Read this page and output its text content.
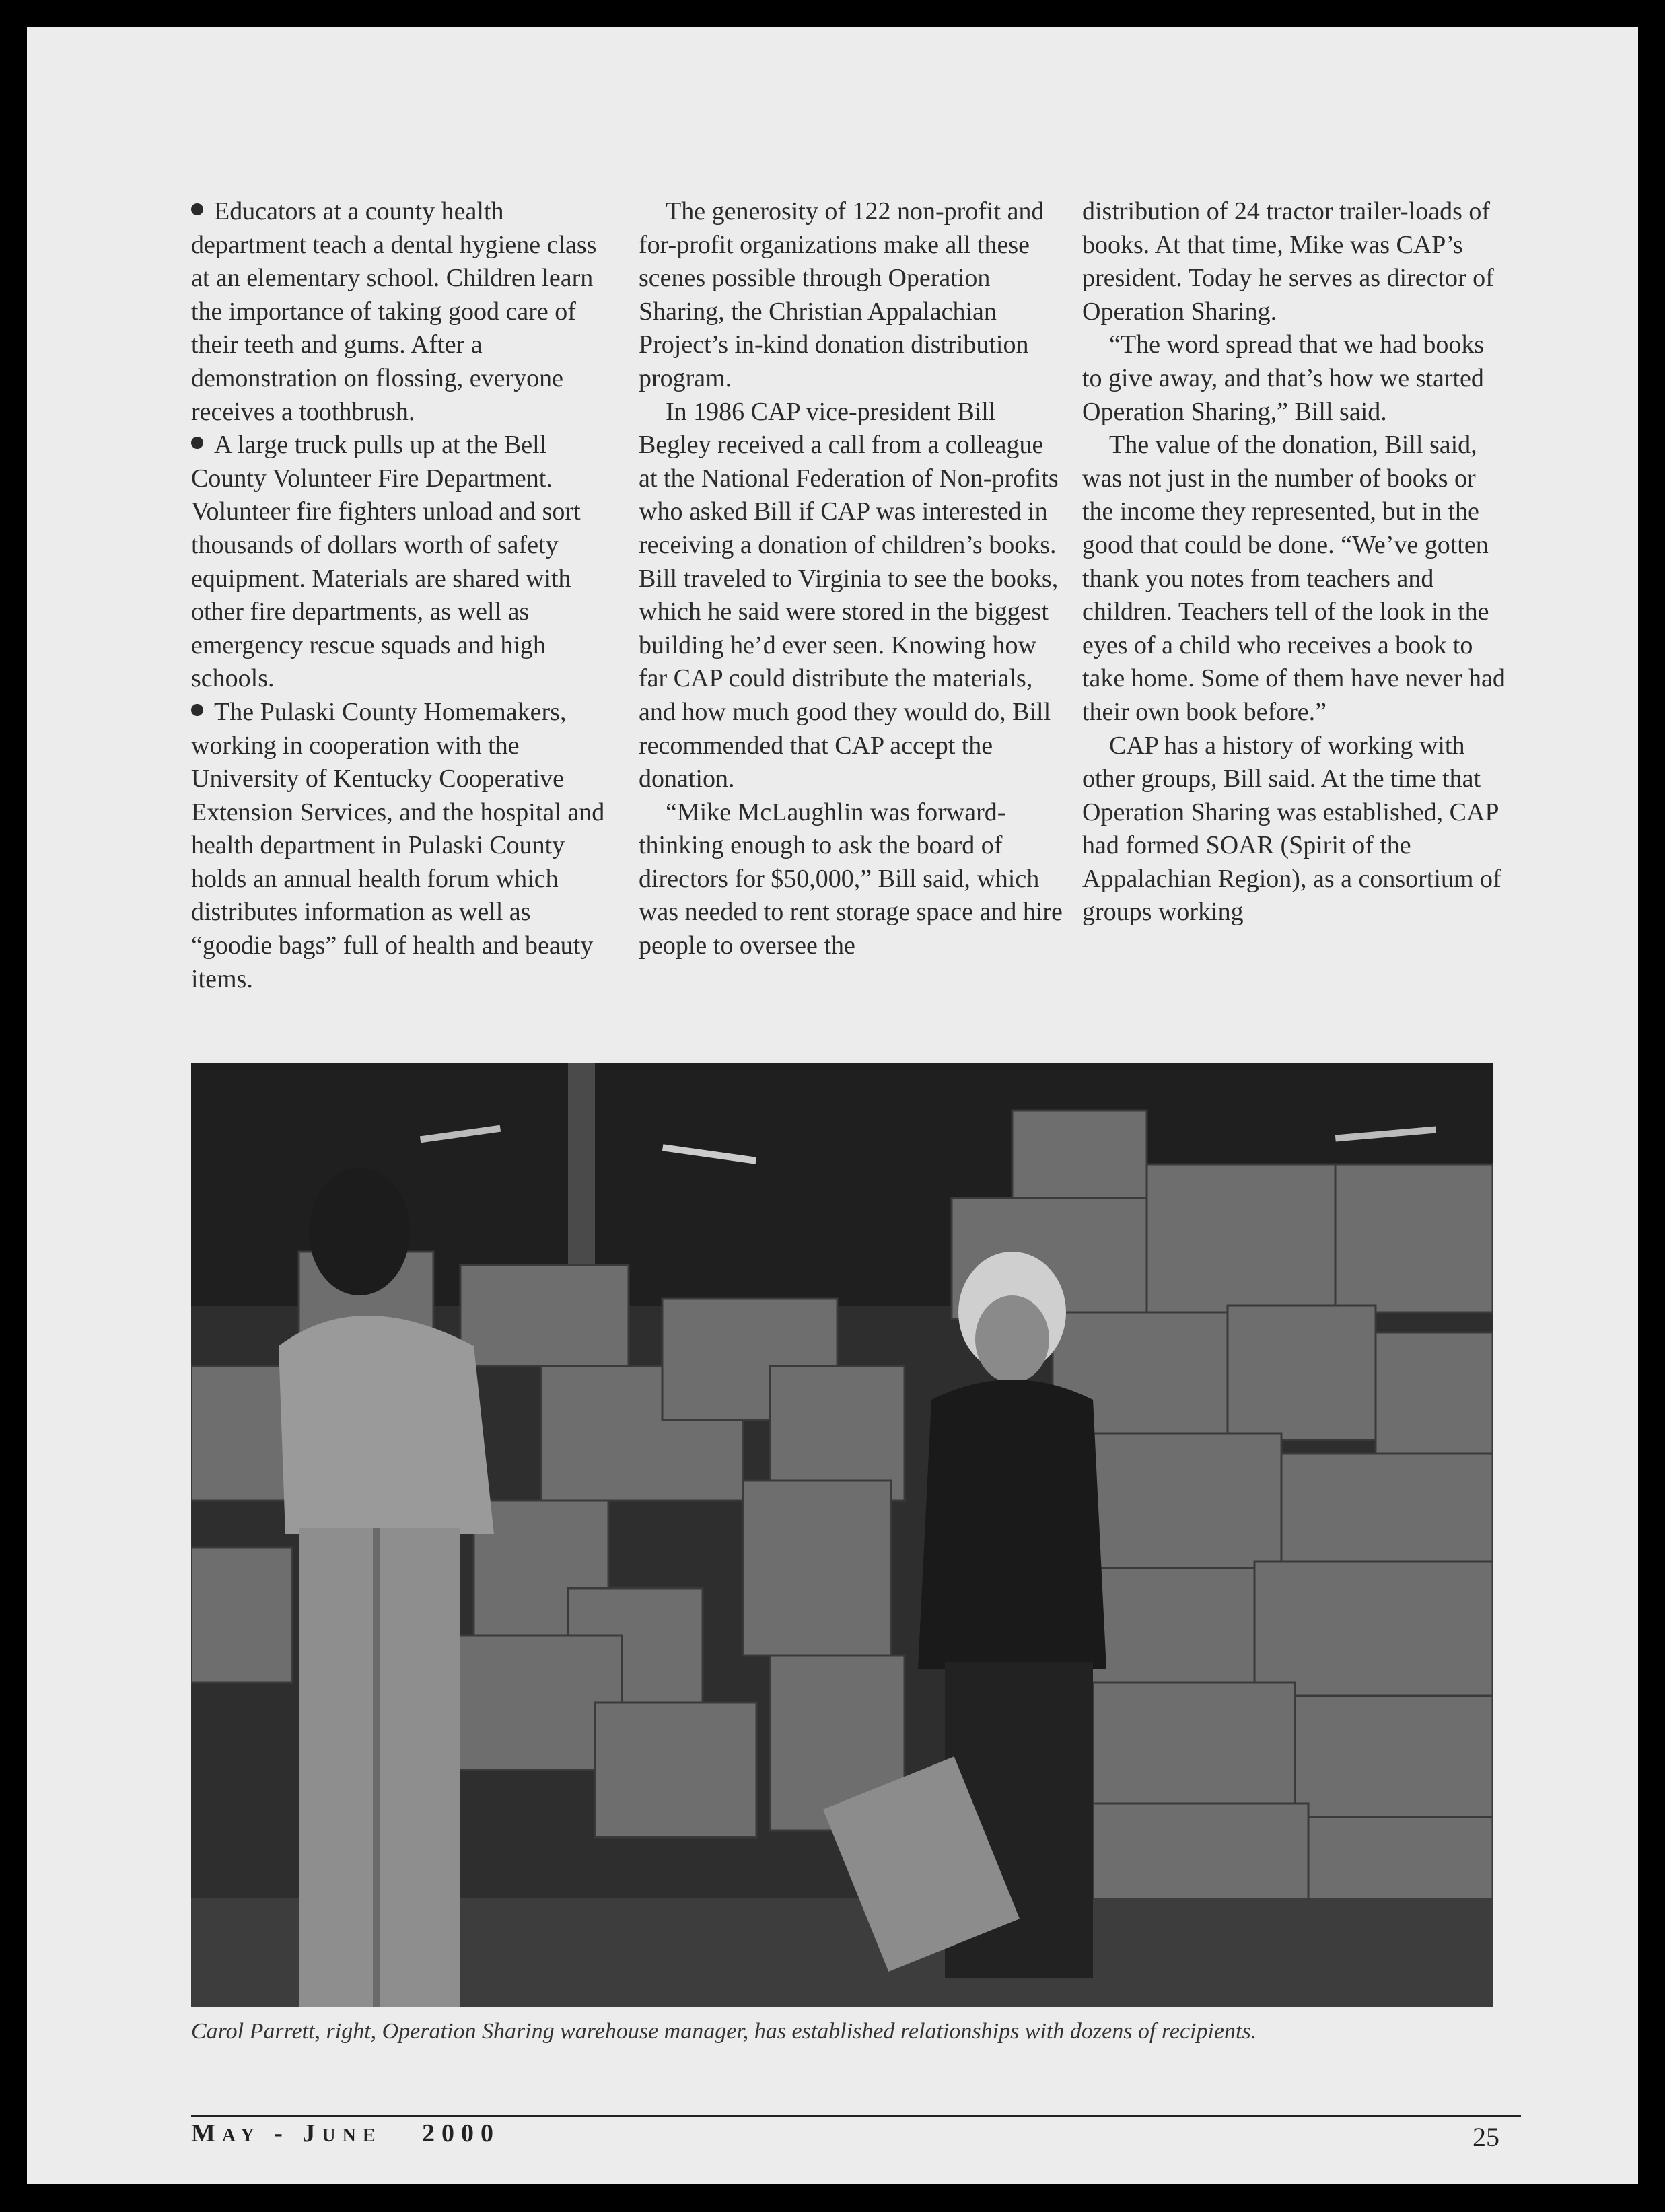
Educators at a county health department teach a dental hygiene class at an elementary school. Children learn the importance of taking good care of their teeth and gums. After a demonstration on flossing, everyone receives a toothbrush.

A large truck pulls up at the Bell County Volunteer Fire Department. Volunteer fire fighters unload and sort thousands of dollars worth of safety equipment. Materials are shared with other fire departments, as well as emergency rescue squads and high schools.

The Pulaski County Homemakers, working in cooperation with the University of Kentucky Cooperative Extension Services, and the hospital and health department in Pulaski County holds an annual health forum which distributes information as well as “goodie bags” full of health and beauty items.

The generosity of 122 non-profit and for-profit organizations make all these scenes possible through Operation Sharing, the Christian Appalachian Project’s in-kind donation distribution program.

In 1986 CAP vice-president Bill Begley received a call from a colleague at the National Federation of Non-profits who asked Bill if CAP was interested in receiving a donation of children’s books. Bill traveled to Virginia to see the books, which he said were stored in the biggest building he’d ever seen. Knowing how far CAP could distribute the materials, and how much good they would do, Bill recommended that CAP accept the donation.

“Mike McLaughlin was forward-thinking enough to ask the board of directors for $50,000,” Bill said, which was needed to rent storage space and hire people to oversee the

distribution of 24 tractor trailer-loads of books. At that time, Mike was CAP’s president. Today he serves as director of Operation Sharing.

“The word spread that we had books to give away, and that’s how we started Operation Sharing,” Bill said.

The value of the donation, Bill said, was not just in the number of books or the income they represented, but in the good that could be done. “We’ve gotten thank you notes from teachers and children. Teachers tell of the look in the eyes of a child who receives a book to take home. Some of them have never had their own book before.”

CAP has a history of working with other groups, Bill said. At the time that Operation Sharing was established, CAP had formed SOAR (Spirit of the Appalachian Region), as a consortium of groups working

Carol Parrett, right, Operation Sharing warehouse manager, has established relationships with dozens of recipients.
MAY - JUNE 2000	25
